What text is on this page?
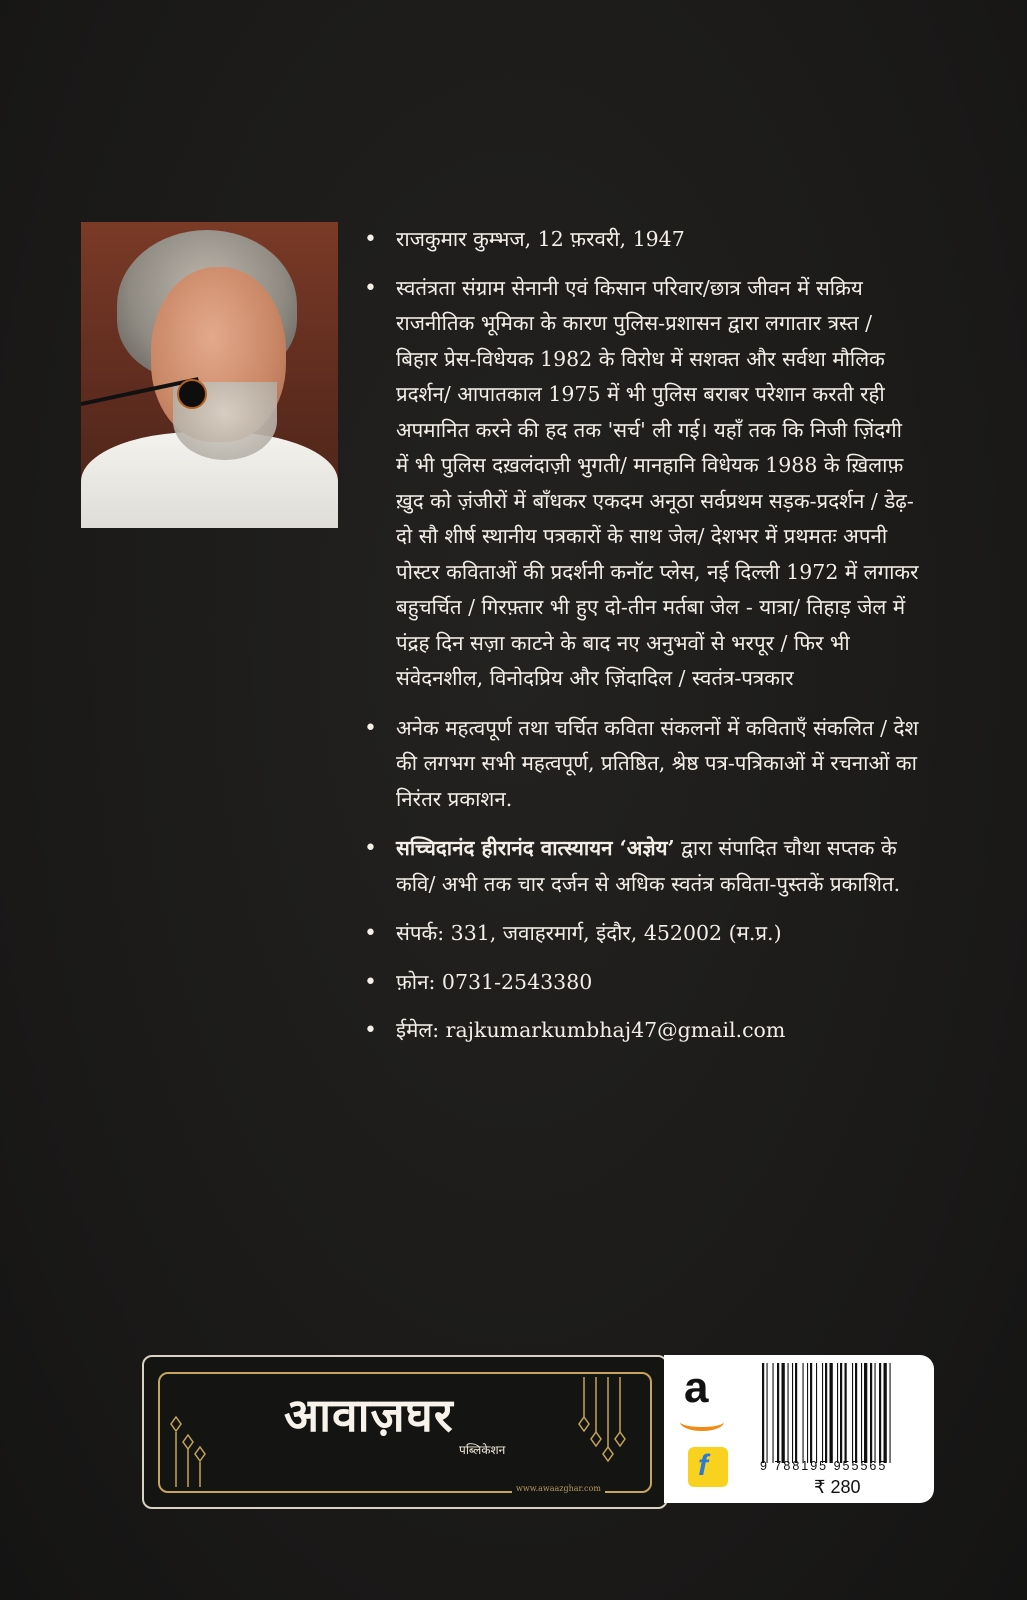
• राजकुमार कुम्भज, 12 फ़रवरी, 1947
• स्वतंत्रता संग्राम सेनानी एवं किसान परिवार/छात्र जीवन में सक्रिय राजनीतिक भूमिका के कारण पुलिस-प्रशासन द्वारा लगातार त्रस्त / बिहार प्रेस-विधेयक 1982 के विरोध में सशक्त और सर्वथा मौलिक प्रदर्शन/ आपातकाल 1975 में भी पुलिस बराबर परेशान करती रही अपमानित करने की हद तक 'सर्च' ली गई। यहाँ तक कि निजी ज़िंदगी में भी पुलिस दख़लंदाज़ी भुगती/ मानहानि विधेयक 1988 के ख़िलाफ़ ख़ुद को ज़ंजीरों में बाँधकर एकदम अनूठा सर्वप्रथम सड़क-प्रदर्शन / डेढ़-दो सौ शीर्ष स्थानीय पत्रकारों के साथ जेल/ देशभर में प्रथमतः अपनी पोस्टर कविताओं की प्रदर्शनी कनॉट प्लेस, नई दिल्ली 1972 में लगाकर बहुचर्चित / गिरफ़्तार भी हुए दो-तीन मर्तबा जेल - यात्रा/ तिहाड़ जेल में पंद्रह दिन सज़ा काटने के बाद नए अनुभवों से भरपूर / फिर भी संवेदनशील, विनोदप्रिय और ज़िंदादिल / स्वतंत्र-पत्रकार
• अनेक महत्वपूर्ण तथा चर्चित कविता संकलनों में कविताएँ संकलित / देश की लगभग सभी महत्वपूर्ण, प्रतिष्ठित, श्रेष्ठ पत्र-पत्रिकाओं में रचनाओं का निरंतर प्रकाशन.
• सच्चिदानंद हीरानंद वात्स्यायन ‘अज्ञेय’ द्वारा संपादित चौथा सप्तक के कवि/ अभी तक चार दर्जन से अधिक स्वतंत्र कविता-पुस्तकें प्रकाशित.
• संपर्क: 331, जवाहरमार्ग, इंदौर, 452002 (म.प्र.)
• फ़ोन: 0731-2543380
• ईमेल: rajkumarkumbhaj47@gmail.com
आवाज़घर
पब्लिकेशन
www.awaazghar.com
a
f	9 788195 955565
₹ 280
